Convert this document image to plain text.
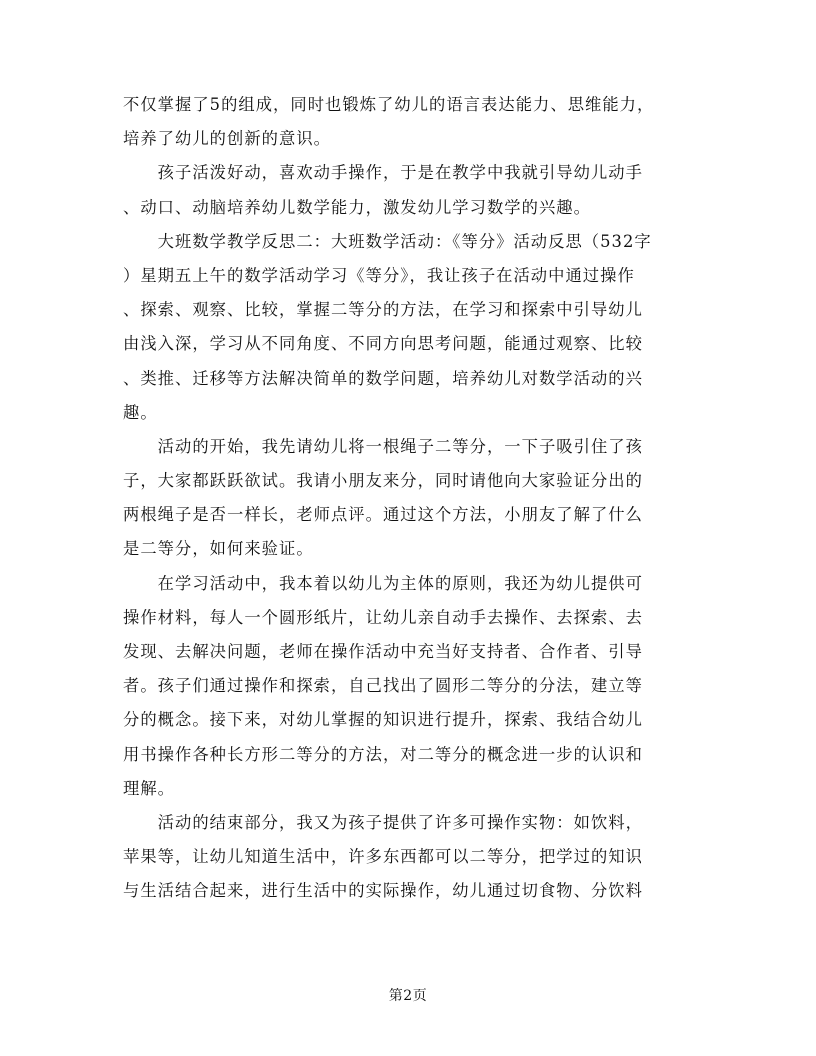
不仅掌握了5的组成，同时也锻炼了幼儿的语言表达能力、思维能力，
培养了幼儿的创新的意识。
　　孩子活泼好动，喜欢动手操作，于是在教学中我就引导幼儿动手
、动口、动脑培养幼儿数学能力，激发幼儿学习数学的兴趣。
　　大班数学教学反思二：大班数学活动：《等分》活动反思（532字
）星期五上午的数学活动学习《等分》，我让孩子在活动中通过操作
、探索、观察、比较，掌握二等分的方法，在学习和探索中引导幼儿
由浅入深，学习从不同角度、不同方向思考问题，能通过观察、比较
、类推、迁移等方法解决简单的数学问题，培养幼儿对数学活动的兴
趣。
　　活动的开始，我先请幼儿将一根绳子二等分，一下子吸引住了孩
子，大家都跃跃欲试。我请小朋友来分，同时请他向大家验证分出的
两根绳子是否一样长，老师点评。通过这个方法，小朋友了解了什么
是二等分，如何来验证。
　　在学习活动中，我本着以幼儿为主体的原则，我还为幼儿提供可
操作材料，每人一个圆形纸片，让幼儿亲自动手去操作、去探索、去
发现、去解决问题，老师在操作活动中充当好支持者、合作者、引导
者。孩子们通过操作和探索，自己找出了圆形二等分的分法，建立等
分的概念。接下来，对幼儿掌握的知识进行提升，探索、我结合幼儿
用书操作各种长方形二等分的方法，对二等分的概念进一步的认识和
理解。
　　活动的结束部分，我又为孩子提供了许多可操作实物：如饮料，
苹果等，让幼儿知道生活中，许多东西都可以二等分，把学过的知识
与生活结合起来，进行生活中的实际操作，幼儿通过切食物、分饮料
第2页
